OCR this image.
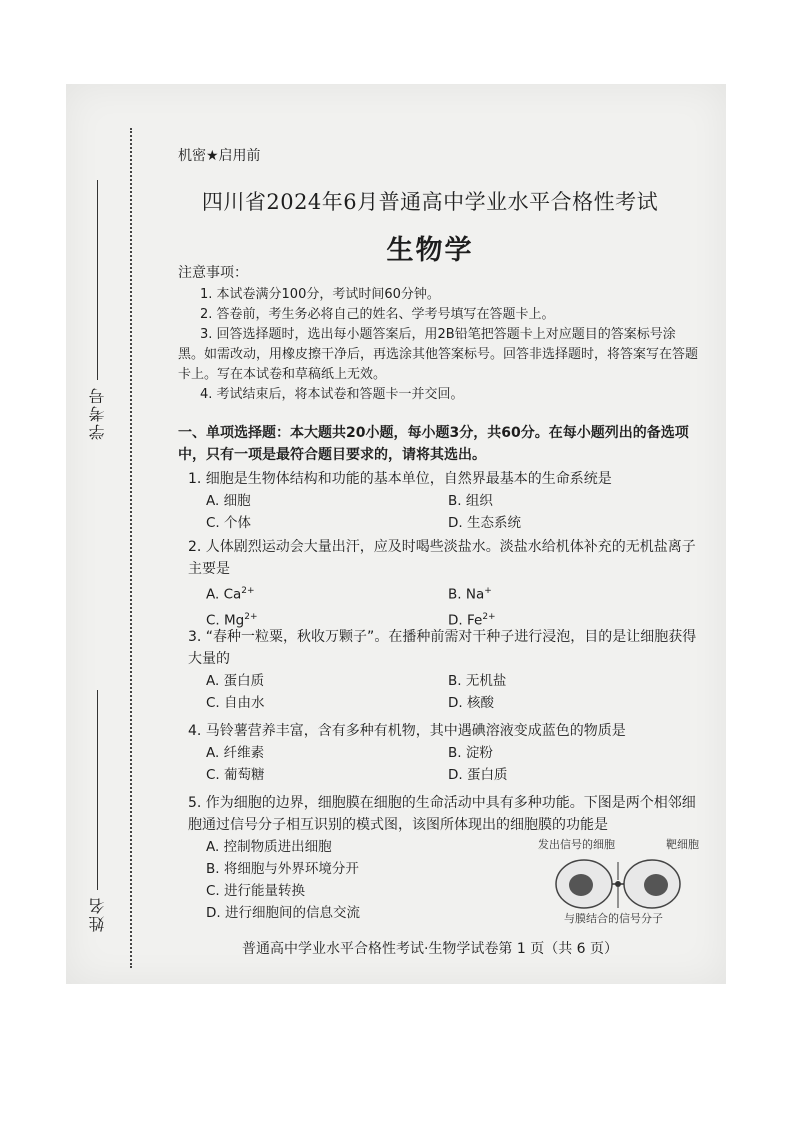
学考号
姓名
机密★启用前
四川省2024年6月普通高中学业水平合格性考试
生物学
注意事项：
1. 本试卷满分100分，考试时间60分钟。
2. 答卷前，考生务必将自己的姓名、学考号填写在答题卡上。
3. 回答选择题时，选出每小题答案后，用2B铅笔把答题卡上对应题目的答案标号涂黑。如需改动，用橡皮擦干净后，再选涂其他答案标号。回答非选择题时，将答案写在答题卡上。写在本试卷和草稿纸上无效。
4. 考试结束后，将本试卷和答题卡一并交回。
一、单项选择题：本大题共20小题，每小题3分，共60分。在每小题列出的备选项中，只有一项是最符合题目要求的，请将其选出。
1. 细胞是生物体结构和功能的基本单位，自然界最基本的生命系统是
A. 细胞	B. 组织
C. 个体	D. 生态系统
2. 人体剧烈运动会大量出汗，应及时喝些淡盐水。淡盐水给机体补充的无机盐离子主要是
A. $Ca^{2+}$	B. Na+
C. $Mg^{2+}$	D. $Fe^{2+}$
3. “春种一粒粟，秋收万颗子”。在播种前需对干种子进行浸泡，目的是让细胞获得大量的
A. 蛋白质	B. 无机盐
C. 自由水	D. 核酸
4. 马铃薯营养丰富，含有多种有机物，其中遇碘溶液变成蓝色的物质是
A. 纤维素	B. 淀粉
C. 葡萄糖	D. 蛋白质
5. 作为细胞的边界，细胞膜在细胞的生命活动中具有多种功能。下图是两个相邻细胞通过信号分子相互识别的模式图，该图所体现出的细胞膜的功能是
A. 控制物质进出细胞
B. 将细胞与外界环境分开
C. 进行能量转换
D. 进行细胞间的信息交流
发出信号的细胞	靶细胞
与膜结合的信号分子
普通高中学业水平合格性考试·生物学试卷第 1 页（共 6 页）
